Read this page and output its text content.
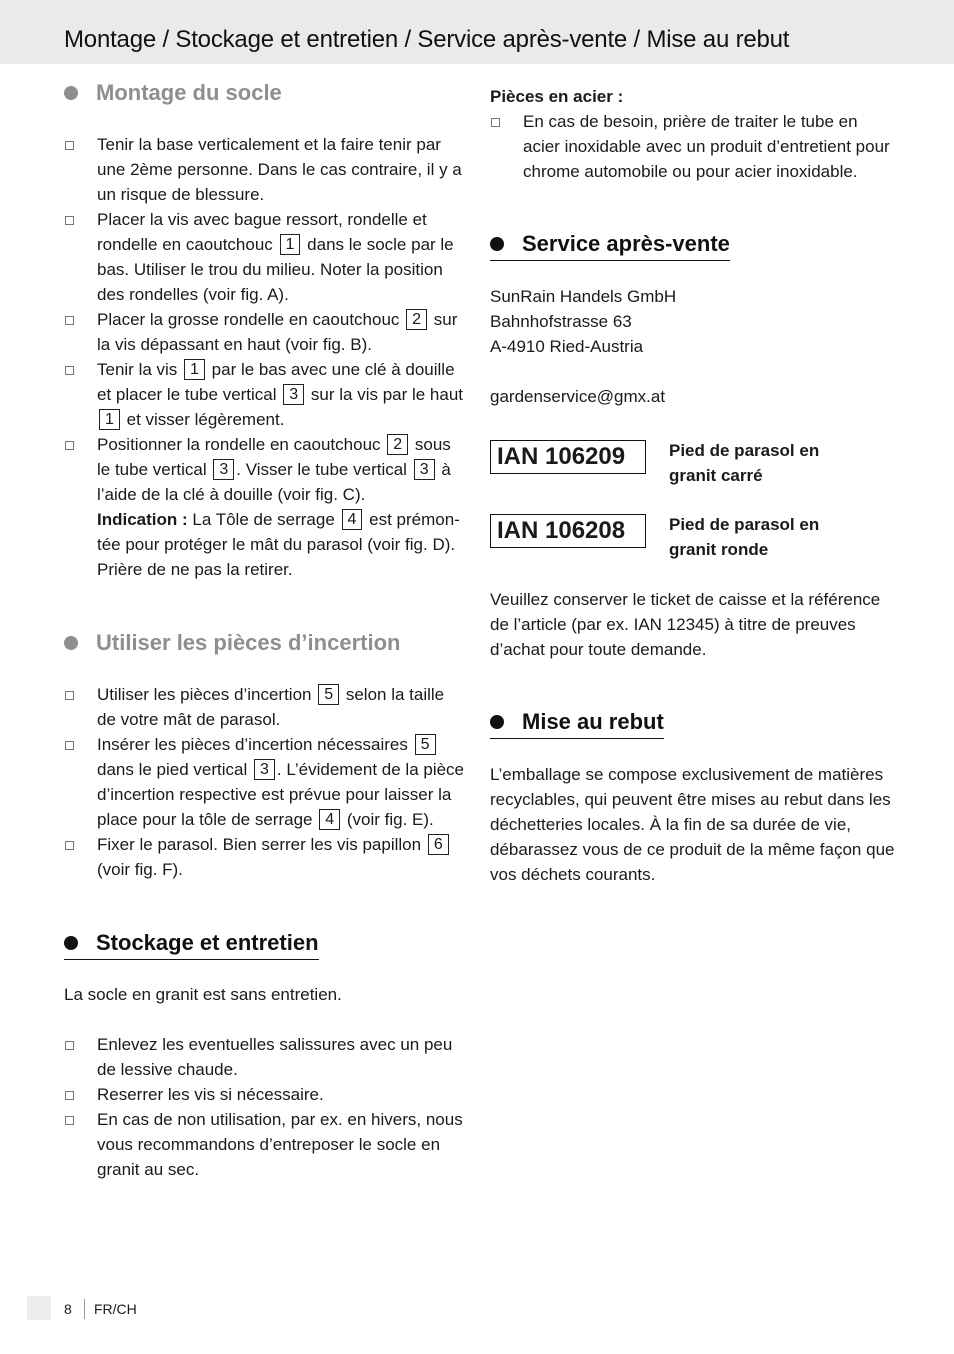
Montage / Stockage et entretien / Service après-vente / Mise au rebut
Montage du socle
Tenir la base verticalement et la faire tenir par une 2ème personne. Dans le cas contraire, il y a un risque de blessure.
Placer la vis avec bague ressort, rondelle et rondelle en caoutchouc 1 dans le socle par le bas. Utiliser le trou du milieu. Noter la position des rondelles (voir fig. A).
Placer la grosse rondelle en caoutchouc 2 sur la vis dépassant en haut (voir fig. B).
Tenir la vis 1 par le bas avec une clé à douille et placer le tube vertical 3 sur la vis par le haut 1 et visser légèrement.
Positionner la rondelle en caoutchouc 2 sous le tube vertical 3 . Visser le tube vertical 3 à l’aide de la clé à douille (voir fig. C).
Indication : La Tôle de serrage 4 est prémon-tée pour protéger le mât du parasol (voir fig. D). Prière de ne pas la retirer.
Utiliser les pièces d’incertion
Utiliser les pièces d’incertion 5 selon la taille de votre mât de parasol.
Insérer les pièces d’incertion nécessaires 5 dans le pied vertical 3 . L’évidement de la pièce d’incertion respective est prévue pour laisser la place pour la tôle de serrage 4 (voir fig. E).
Fixer le parasol. Bien serrer les vis papillon 6 (voir fig. F).
Stockage et entretien

La socle en granit est sans entretien.

Enlevez les eventuelles salissures avec un peu de lessive chaude.
Reserrer les vis si nécessaire.
En cas de non utilisation, par ex. en hivers, nous vous recommandons d’entreposer le socle en granit au sec.
Pièces en acier :
En cas de besoin, prière de traiter le tube en acier inoxidable avec un produit d’entretient pour chrome automobile ou pour acier inoxidable.
Service après-vente

SunRain Handels GmbH

Bahnhofstrasse 63

A-4910 Ried-Austria

gardenservice@gmx.at

IAN 106209	Pied de parasol en
granit carré
IAN 106208	Pied de parasol en
granit ronde

Veuillez conserver le ticket de caisse et la référence de l’article (par ex. IAN 12345) à titre de preuves d’achat pour toute demande.

Mise au rebut

L’emballage se compose exclusivement de matières recyclables, qui peuvent être mises au rebut dans les déchetteries locales. À la fin de sa durée de vie, débarassez vous de ce produit de la même façon que vos déchets courants.

8 FR/CH
